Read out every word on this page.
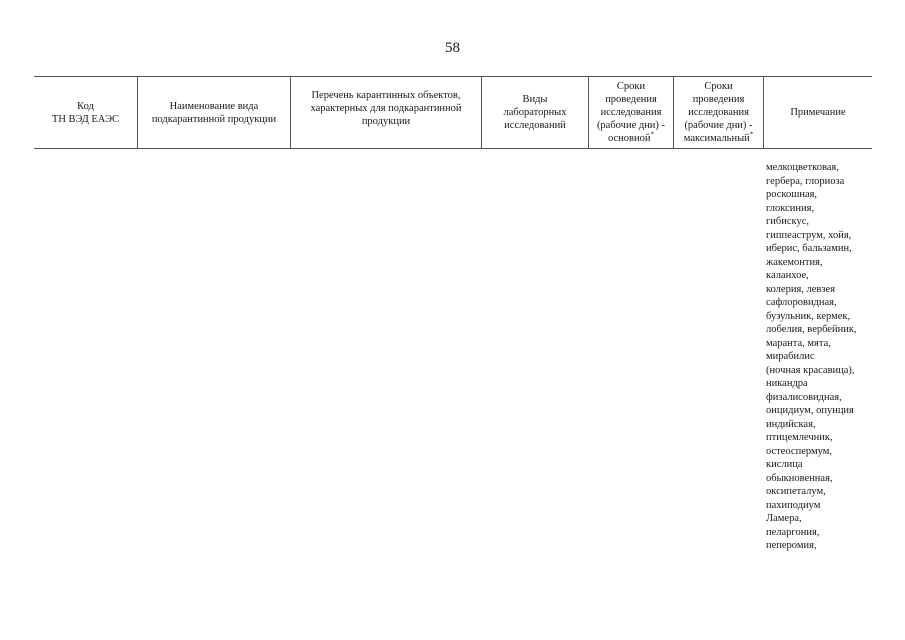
58
Код
ТН ВЭД ЕАЭС
Наименование вида
подкарантинной продукции
Перечень карантинных объектов,
характерных для подкарантинной
продукции
Виды
лабораторных
исследований
Сроки
проведения
исследования
(рабочие дни) -
основной*
Сроки
проведения
исследования
(рабочие дни) -
максимальный*
Примечание
мелкоцветковая,
гербера, глориоза
роскошная,
глоксиния,
гибискус,
гиппеаструм, хойя,
иберис, бальзамин,
жакемонтия,
каланхое,
колерия, левзея
сафлоровидная,
бузульник, кермек,
лобелия, вербейник,
маранта, мята,
мирабилис
(ночная красавица),
никандра
физалисовидная,
онцидиум, опунция
индийская,
птицемлечник,
остеоспермум,
кислица
обыкновенная,
оксипеталум,
пахиподиум
Ламера,
пеларгония,
пеперомия,
